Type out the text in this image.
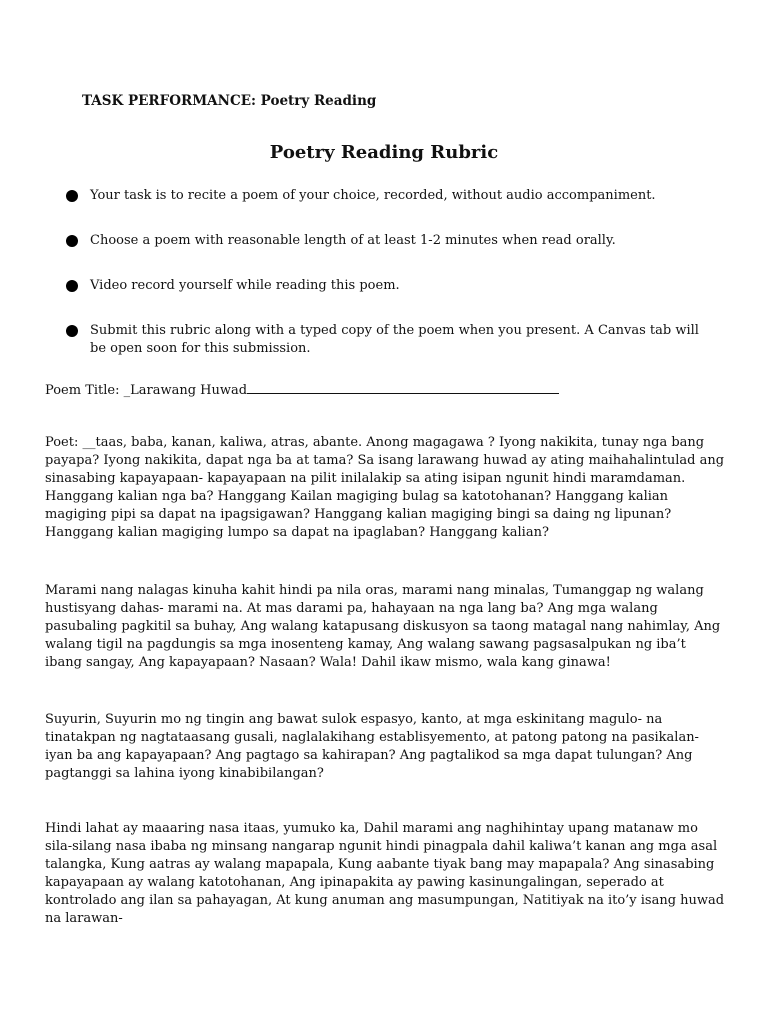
TASK PERFORMANCE: Poetry Reading
Poetry Reading Rubric
Your task is to recite a poem of your choice, recorded, without audio accompaniment.
Choose a poem with reasonable length of at least 1-2 minutes when read orally.
Video record yourself while reading this poem.
Submit this rubric along with a typed copy of the poem when you present. A Canvas tab will be open soon for this submission.
Poem Title: _Larawang Huwad

Poet: __taas, baba, kanan, kaliwa, atras, abante. Anong magagawa ? Iyong nakikita, tunay nga bang payapa? Iyong nakikita, dapat nga ba at tama? Sa isang larawang huwad ay ating maihahalintulad ang sinasabing kapayapaan- kapayapaan na pilit inilalakip sa ating isipan ngunit hindi maramdaman. Hanggang kalian nga ba? Hanggang Kailan magiging bulag sa katotohanan? Hanggang kalian magiging pipi sa dapat na ipagsigawan? Hanggang kalian magiging bingi sa daing ng lipunan? Hanggang kalian magiging lumpo sa dapat na ipaglaban? Hanggang kalian?

Marami nang nalagas kinuha kahit hindi pa nila oras, marami nang minalas, Tumanggap ng walang hustisyang dahas- marami na. At mas darami pa, hahayaan na nga lang ba? Ang mga walang pasubaling pagkitil sa buhay, Ang walang katapusang diskusyon sa taong matagal nang nahimlay, Ang walang tigil na pagdungis sa mga inosenteng kamay, Ang walang sawang pagsasalpukan ng iba’t ibang sangay, Ang kapayapaan? Nasaan? Wala! Dahil ikaw mismo, wala kang ginawa!

Suyurin, Suyurin mo ng tingin ang bawat sulok espasyo, kanto, at mga eskinitang magulo- na tinatakpan ng nagtataasang gusali, naglalakihang establisyemento, at patong patong na pasikalan- iyan ba ang kapayapaan? Ang pagtago sa kahirapan? Ang pagtalikod sa mga dapat tulungan? Ang pagtanggi sa lahina iyong kinabibilangan?

Hindi lahat ay maaaring nasa itaas, yumuko ka, Dahil marami ang naghihintay upang matanaw mo sila-silang nasa ibaba ng minsang nangarap ngunit hindi pinagpala dahil kaliwa’t kanan ang mga asal talangka, Kung aatras ay walang mapapala, Kung aabante tiyak bang may mapapala? Ang sinasabing kapayapaan ay walang katotohanan, Ang ipinapakita ay pawing kasinungalingan, seperado at kontrolado ang ilan sa pahayagan, At kung anuman ang masumpungan, Natitiyak na ito’y isang huwad na larawan-
